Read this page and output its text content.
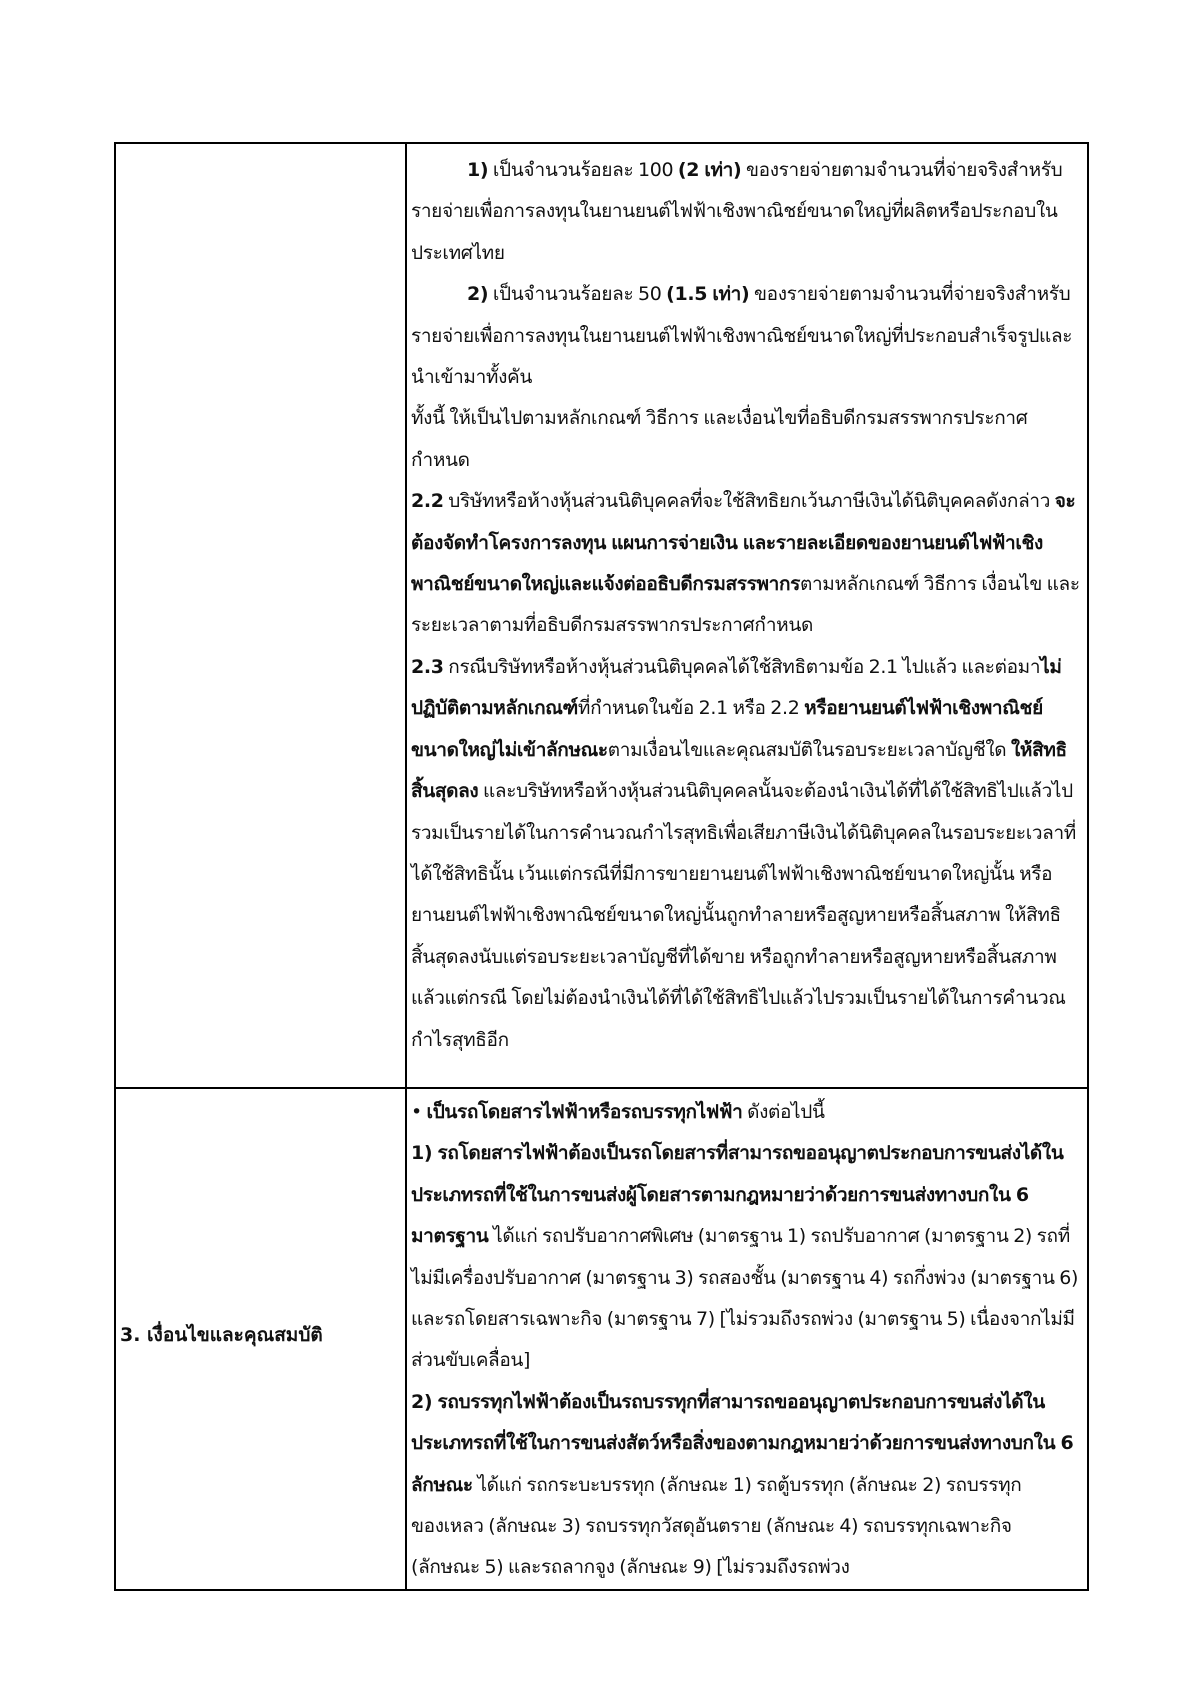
	1) เป็นจำนวนร้อยละ 100 (2 เท่า) ของรายจ่ายตามจำนวนที่จ่ายจริงสำหรับรายจ่ายเพื่อการลงทุนในยานยนต์ไฟฟ้าเชิงพาณิชย์ขนาดใหญ่ที่ผลิตหรือประกอบในประเทศไทย

2) เป็นจำนวนร้อยละ 50 (1.5 เท่า) ของรายจ่ายตามจำนวนที่จ่ายจริงสำหรับรายจ่ายเพื่อการลงทุนในยานยนต์ไฟฟ้าเชิงพาณิชย์ขนาดใหญ่ที่ประกอบสำเร็จรูปและนำเข้ามาทั้งคัน

ทั้งนี้ ให้เป็นไปตามหลักเกณฑ์ วิธีการ และเงื่อนไขที่อธิบดีกรมสรรพากรประกาศกำหนด

2.2 บริษัทหรือห้างหุ้นส่วนนิติบุคคลที่จะใช้สิทธิยกเว้นภาษีเงินได้นิติบุคคลดังกล่าว จะต้องจัดทำโครงการลงทุน แผนการจ่ายเงิน และรายละเอียดของยานยนต์ไฟฟ้าเชิงพาณิชย์ขนาดใหญ่และแจ้งต่ออธิบดีกรมสรรพากรตามหลักเกณฑ์ วิธีการ เงื่อนไข และระยะเวลาตามที่อธิบดีกรมสรรพากรประกาศกำหนด

2.3 กรณีบริษัทหรือห้างหุ้นส่วนนิติบุคคลได้ใช้สิทธิตามข้อ 2.1 ไปแล้ว และต่อมาไม่ปฏิบัติตามหลักเกณฑ์ที่กำหนดในข้อ 2.1 หรือ 2.2 หรือยานยนต์ไฟฟ้าเชิงพาณิชย์ขนาดใหญ่ไม่เข้าลักษณะตามเงื่อนไขและคุณสมบัติในรอบระยะเวลาบัญชีใด ให้สิทธิสิ้นสุดลง และบริษัทหรือห้างหุ้นส่วนนิติบุคคลนั้นจะต้องนำเงินได้ที่ได้ใช้สิทธิไปแล้วไปรวมเป็นรายได้ในการคำนวณกำไรสุทธิเพื่อเสียภาษีเงินได้นิติบุคคลในรอบระยะเวลาที่ได้ใช้สิทธินั้น เว้นแต่กรณีที่มีการขายยานยนต์ไฟฟ้าเชิงพาณิชย์ขนาดใหญ่นั้น หรือยานยนต์ไฟฟ้าเชิงพาณิชย์ขนาดใหญ่นั้นถูกทำลายหรือสูญหายหรือสิ้นสภาพ ให้สิทธิสิ้นสุดลงนับแต่รอบระยะเวลาบัญชีที่ได้ขาย หรือถูกทำลายหรือสูญหายหรือสิ้นสภาพ แล้วแต่กรณี โดยไม่ต้องนำเงินได้ที่ได้ใช้สิทธิไปแล้วไปรวมเป็นรายได้ในการคำนวณกำไรสุทธิอีก

3. เงื่อนไขและคุณสมบัติ	• เป็นรถโดยสารไฟฟ้าหรือรถบรรทุกไฟฟ้า ดังต่อไปนี้

1) รถโดยสารไฟฟ้าต้องเป็นรถโดยสารที่สามารถขออนุญาตประกอบการขนส่งได้ในประเภทรถที่ใช้ในการขนส่งผู้โดยสารตามกฎหมายว่าด้วยการขนส่งทางบกใน 6 มาตรฐาน ได้แก่ รถปรับอากาศพิเศษ (มาตรฐาน 1) รถปรับอากาศ (มาตรฐาน 2) รถที่ไม่มีเครื่องปรับอากาศ (มาตรฐาน 3) รถสองชั้น (มาตรฐาน 4) รถกึ่งพ่วง (มาตรฐาน 6) และรถโดยสารเฉพาะกิจ (มาตรฐาน 7) [ไม่รวมถึงรถพ่วง (มาตรฐาน 5) เนื่องจากไม่มีส่วนขับเคลื่อน]

2) รถบรรทุกไฟฟ้าต้องเป็นรถบรรทุกที่สามารถขออนุญาตประกอบการขนส่งได้ในประเภทรถที่ใช้ในการขนส่งสัตว์หรือสิ่งของตามกฎหมายว่าด้วยการขนส่งทางบกใน 6 ลักษณะ ได้แก่ รถกระบะบรรทุก (ลักษณะ 1) รถตู้บรรทุก (ลักษณะ 2) รถบรรทุกของเหลว (ลักษณะ 3) รถบรรทุกวัสดุอันตราย (ลักษณะ 4) รถบรรทุกเฉพาะกิจ (ลักษณะ 5) และรถลากจูง (ลักษณะ 9) [ไม่รวมถึงรถพ่วง
